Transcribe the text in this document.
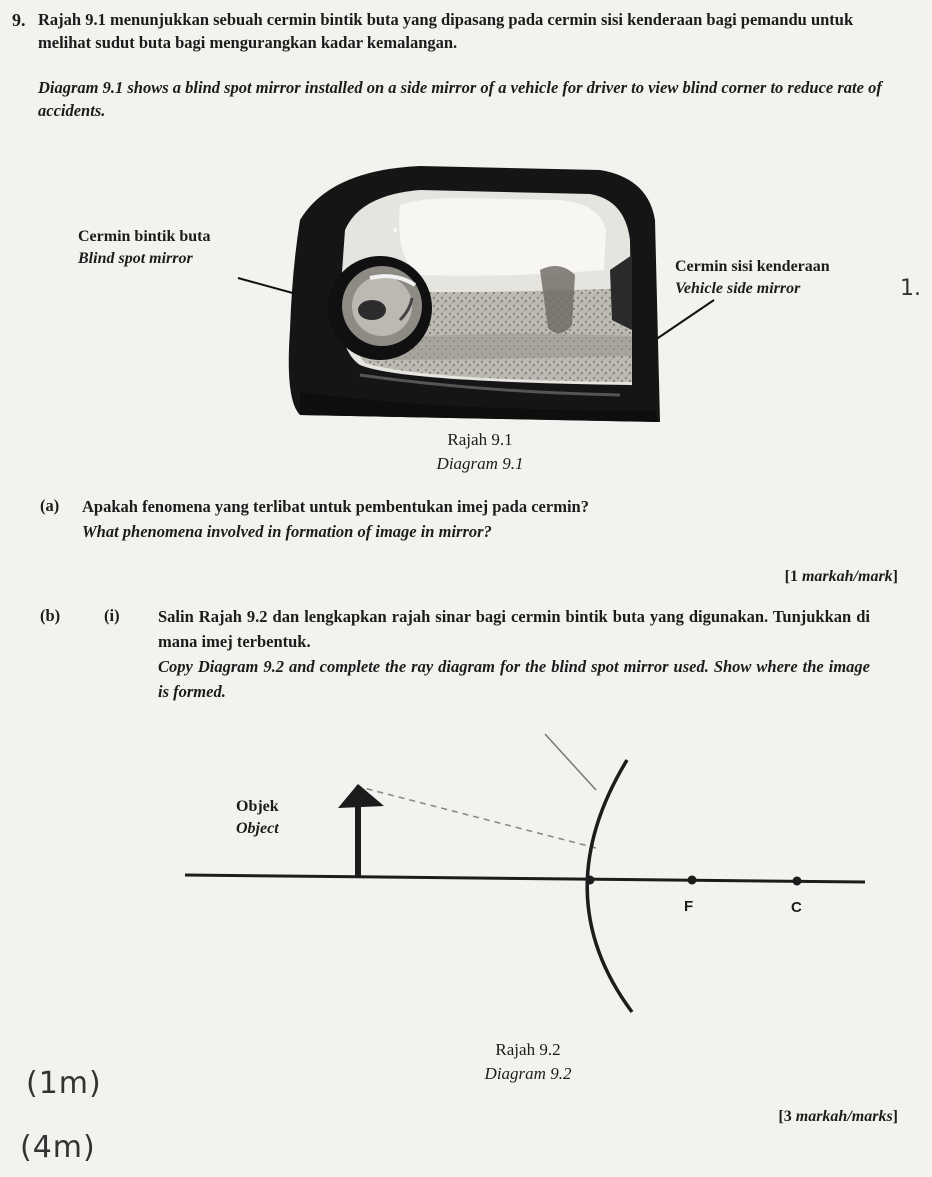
9. Rajah 9.1 menunjukkan sebuah cermin bintik buta yang dipasang pada cermin sisi kenderaan bagi pemandu untuk melihat sudut buta bagi mengurangkan kadar kemalangan.
Diagram 9.1 shows a blind spot mirror installed on a side mirror of a vehicle for driver to view blind corner to reduce rate of accidents.
Cermin bintik buta
Blind spot mirror	Cermin sisi kenderaan
Vehicle side mirror
Rajah 9.1
Diagram 9.1
1.
(a) Apakah fenomena yang terlibat untuk pembentukan imej pada cermin?
What phenomena involved in formation of image in mirror?
[1 markah/mark]
(b)	(i) Salin Rajah 9.2 dan lengkapkan rajah sinar bagi cermin bintik buta yang digunakan. Tunjukkan di mana imej terbentuk.
Copy Diagram 9.2 and complete the ray diagram for the blind spot mirror used. Show where the image is formed.
Objek
Object
F	C
Rajah 9.2
Diagram 9.2
[3 markah/marks]
(1m)
(4m)
